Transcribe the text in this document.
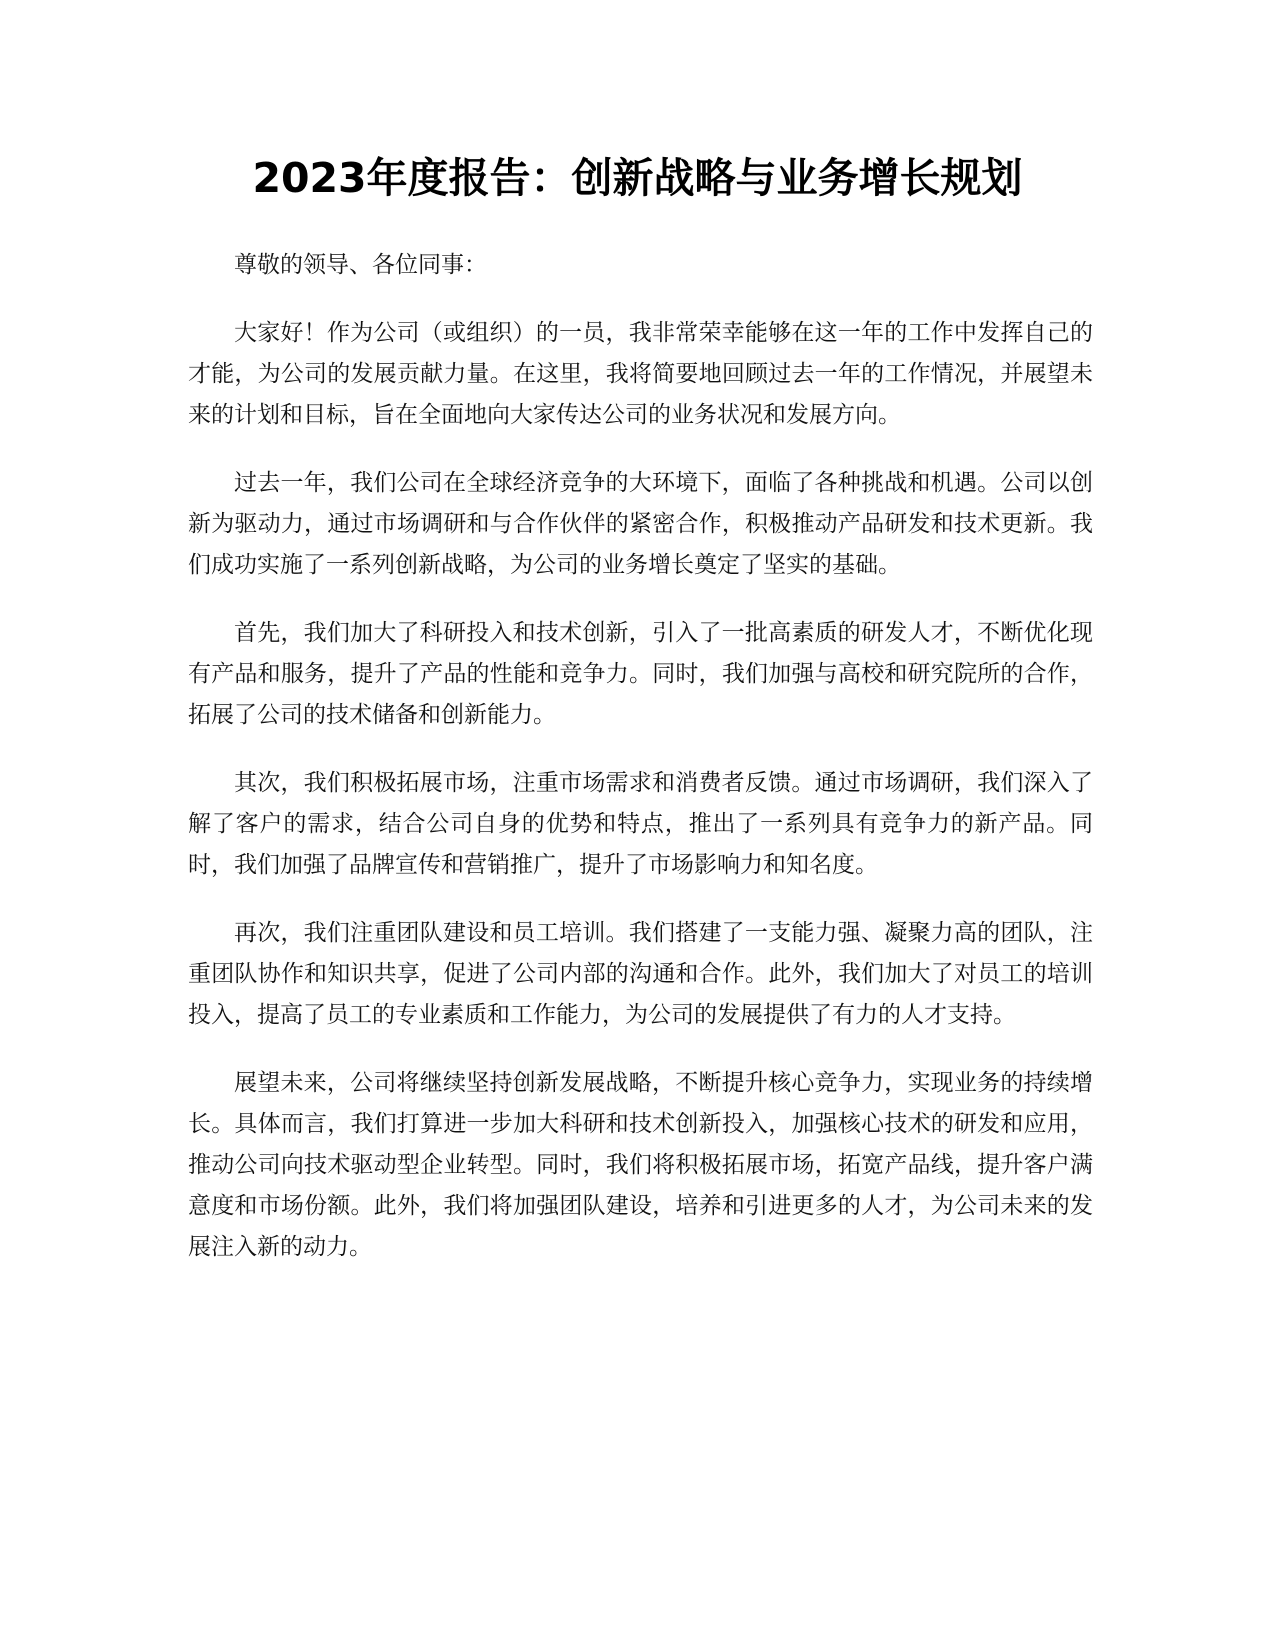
2023年度报告：创新战略与业务增长规划

尊敬的领导、各位同事：

大家好！作为公司（或组织）的一员，我非常荣幸能够在这一年的工作中发挥自己的才能，为公司的发展贡献力量。在这里，我将简要地回顾过去一年的工作情况，并展望未来的计划和目标，旨在全面地向大家传达公司的业务状况和发展方向。

过去一年，我们公司在全球经济竞争的大环境下，面临了各种挑战和机遇。公司以创新为驱动力，通过市场调研和与合作伙伴的紧密合作，积极推动产品研发和技术更新。我们成功实施了一系列创新战略，为公司的业务增长奠定了坚实的基础。

首先，我们加大了科研投入和技术创新，引入了一批高素质的研发人才，不断优化现有产品和服务，提升了产品的性能和竞争力。同时，我们加强与高校和研究院所的合作，拓展了公司的技术储备和创新能力。

其次，我们积极拓展市场，注重市场需求和消费者反馈。通过市场调研，我们深入了解了客户的需求，结合公司自身的优势和特点，推出了一系列具有竞争力的新产品。同时，我们加强了品牌宣传和营销推广，提升了市场影响力和知名度。

再次，我们注重团队建设和员工培训。我们搭建了一支能力强、凝聚力高的团队，注重团队协作和知识共享，促进了公司内部的沟通和合作。此外，我们加大了对员工的培训投入，提高了员工的专业素质和工作能力，为公司的发展提供了有力的人才支持。

展望未来，公司将继续坚持创新发展战略，不断提升核心竞争力，实现业务的持续增长。具体而言，我们打算进一步加大科研和技术创新投入，加强核心技术的研发和应用，推动公司向技术驱动型企业转型。同时，我们将积极拓展市场，拓宽产品线，提升客户满意度和市场份额。此外，我们将加强团队建设，培养和引进更多的人才，为公司未来的发展注入新的动力。
